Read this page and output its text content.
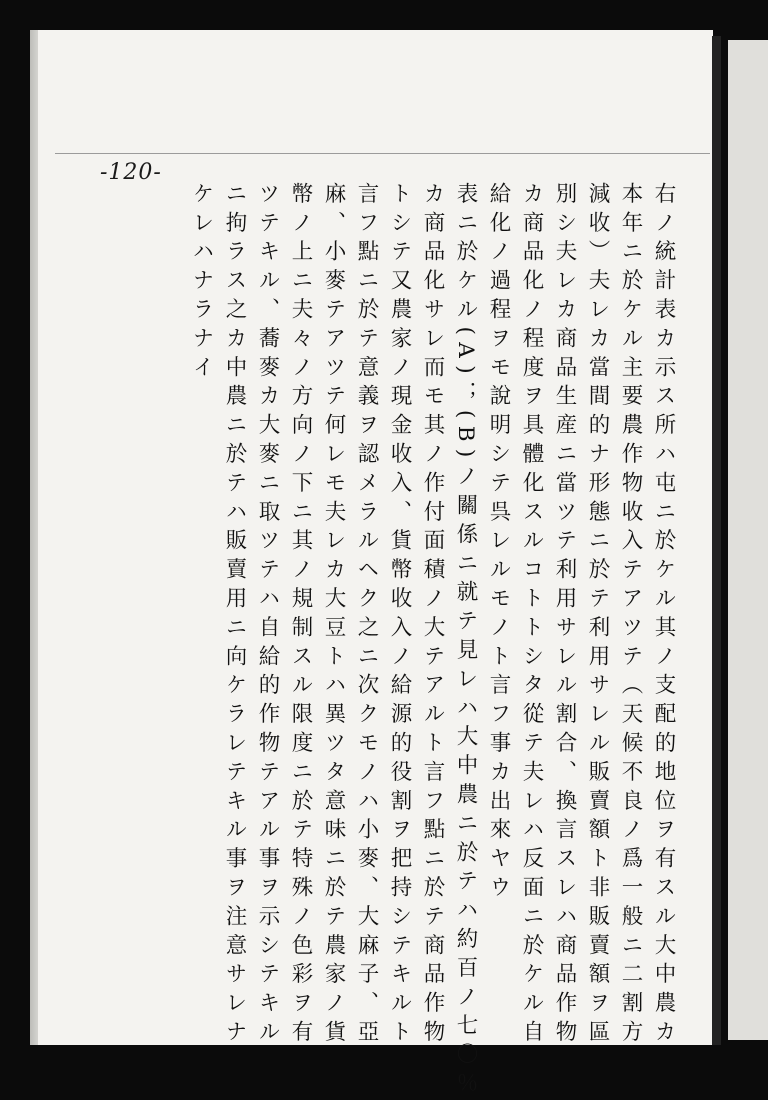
-120-

右ノ統計表カ示ス所ハ屯ニ於ケル其ノ支配的地位ヲ有スル大中農カ

本年ニ於ケル主要農作物收入テアツテ（天候不良ノ爲一般ニ二割方

減收）夫レカ當間的ナ形態ニ於テ利用サレル販賣額ト非販賣額ヲ區

別シ夫レカ商品生産ニ當ツテ利用サレル割合、換言スレハ商品作物

カ商品化ノ程度ヲ具體化スルコトトシタ從テ夫レハ反面ニ於ケル自

給化ノ過程ヲモ說明シテ呉レルモノト言フ事カ出來ヤウ

表ニ於ケル(A)；(B)ノ關係ニ就テ見レハ大中農ニ於テハ約百ノ七〇％

カ商品化サレ而モ其ノ作付面積ノ大テアルト言フ點ニ於テ商品作物

トシテ又農家ノ現金收入、貨幣收入ノ給源的役割ヲ把持シテキルト

言フ點ニ於テ意義ヲ認メラルヘク之ニ次クモノハ小麥、大麻子、亞

麻、小麥テアツテ何レモ夫レカ大豆トハ異ツタ意味ニ於テ農家ノ貨

幣ノ上ニ夫々ノ方向ノ下ニ其ノ規制スル限度ニ於テ特殊ノ色彩ヲ有

ツテキル、蕎麥カ大麥ニ取ツテハ自給的作物テアル事ヲ示シテキル

ニ拘ラス之カ中農ニ於テハ販賣用ニ向ケラレテキル事ヲ注意サレナ

ケレハナラナイ
